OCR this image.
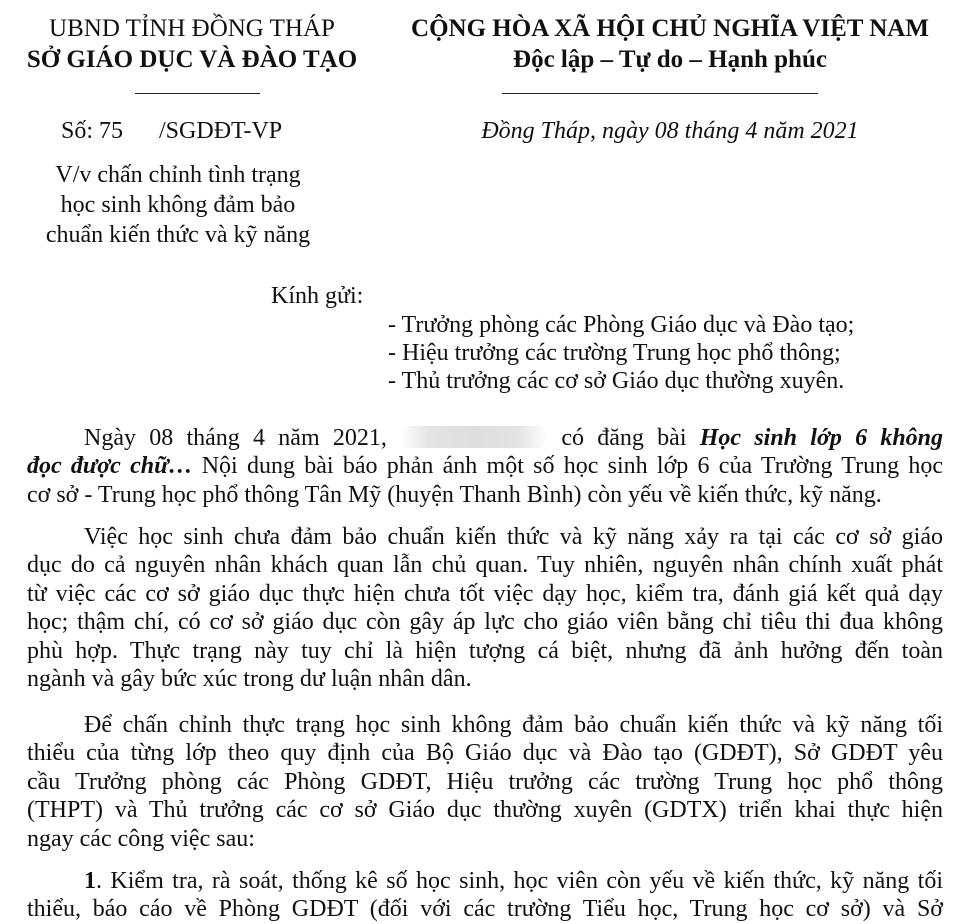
UBND TỈNH ĐỒNG THÁP
SỞ GIÁO DỤC VÀ ĐÀO TẠO
CỘNG HÒA XÃ HỘI CHỦ NGHĨA VIỆT NAM
Độc lập – Tự do – Hạnh phúc
Số: 75      /SGDĐT-VP	Đồng Tháp, ngày 08 tháng 4 năm 2021
V/v chấn chỉnh tình trạng
học sinh không đảm bảo
chuẩn kiến thức và kỹ năng
Kính gửi:
- Trưởng phòng các Phòng Giáo dục và Đào tạo;
- Hiệu trưởng các trường Trung học phổ thông;
- Thủ trưởng các cơ sở Giáo dục thường xuyên.
Ngày 08 tháng 4 năm 2021,	có đăng bài Học sinh lớp 6 không
đọc được chữ… Nội dung bài báo phản ánh một số học sinh lớp 6 của Trường Trung học
cơ sở - Trung học phổ thông Tân Mỹ (huyện Thanh Bình) còn yếu về kiến thức, kỹ năng.
Việc học sinh chưa đảm bảo chuẩn kiến thức và kỹ năng xảy ra tại các cơ sở giáo
dục do cả nguyên nhân khách quan lẫn chủ quan. Tuy nhiên, nguyên nhân chính xuất phát
từ việc các cơ sở giáo dục thực hiện chưa tốt việc dạy học, kiểm tra, đánh giá kết quả dạy
học; thậm chí, có cơ sở giáo dục còn gây áp lực cho giáo viên bằng chỉ tiêu thi đua không
phù hợp. Thực trạng này tuy chỉ là hiện tượng cá biệt, nhưng đã ảnh hưởng đến toàn
ngành và gây bức xúc trong dư luận nhân dân.
Để chấn chỉnh thực trạng học sinh không đảm bảo chuẩn kiến thức và kỹ năng tối
thiểu của từng lớp theo quy định của Bộ Giáo dục và Đào tạo (GDĐT), Sở GDĐT yêu
cầu Trưởng phòng các Phòng GDĐT, Hiệu trưởng các trường Trung học phổ thông
(THPT) và Thủ trưởng các cơ sở Giáo dục thường xuyên (GDTX) triển khai thực hiện
ngay các công việc sau:
1. Kiểm tra, rà soát, thống kê số học sinh, học viên còn yếu về kiến thức, kỹ năng tối
thiểu, báo cáo về Phòng GDĐT (đối với các trường Tiểu học, Trung học cơ sở) và Sở
